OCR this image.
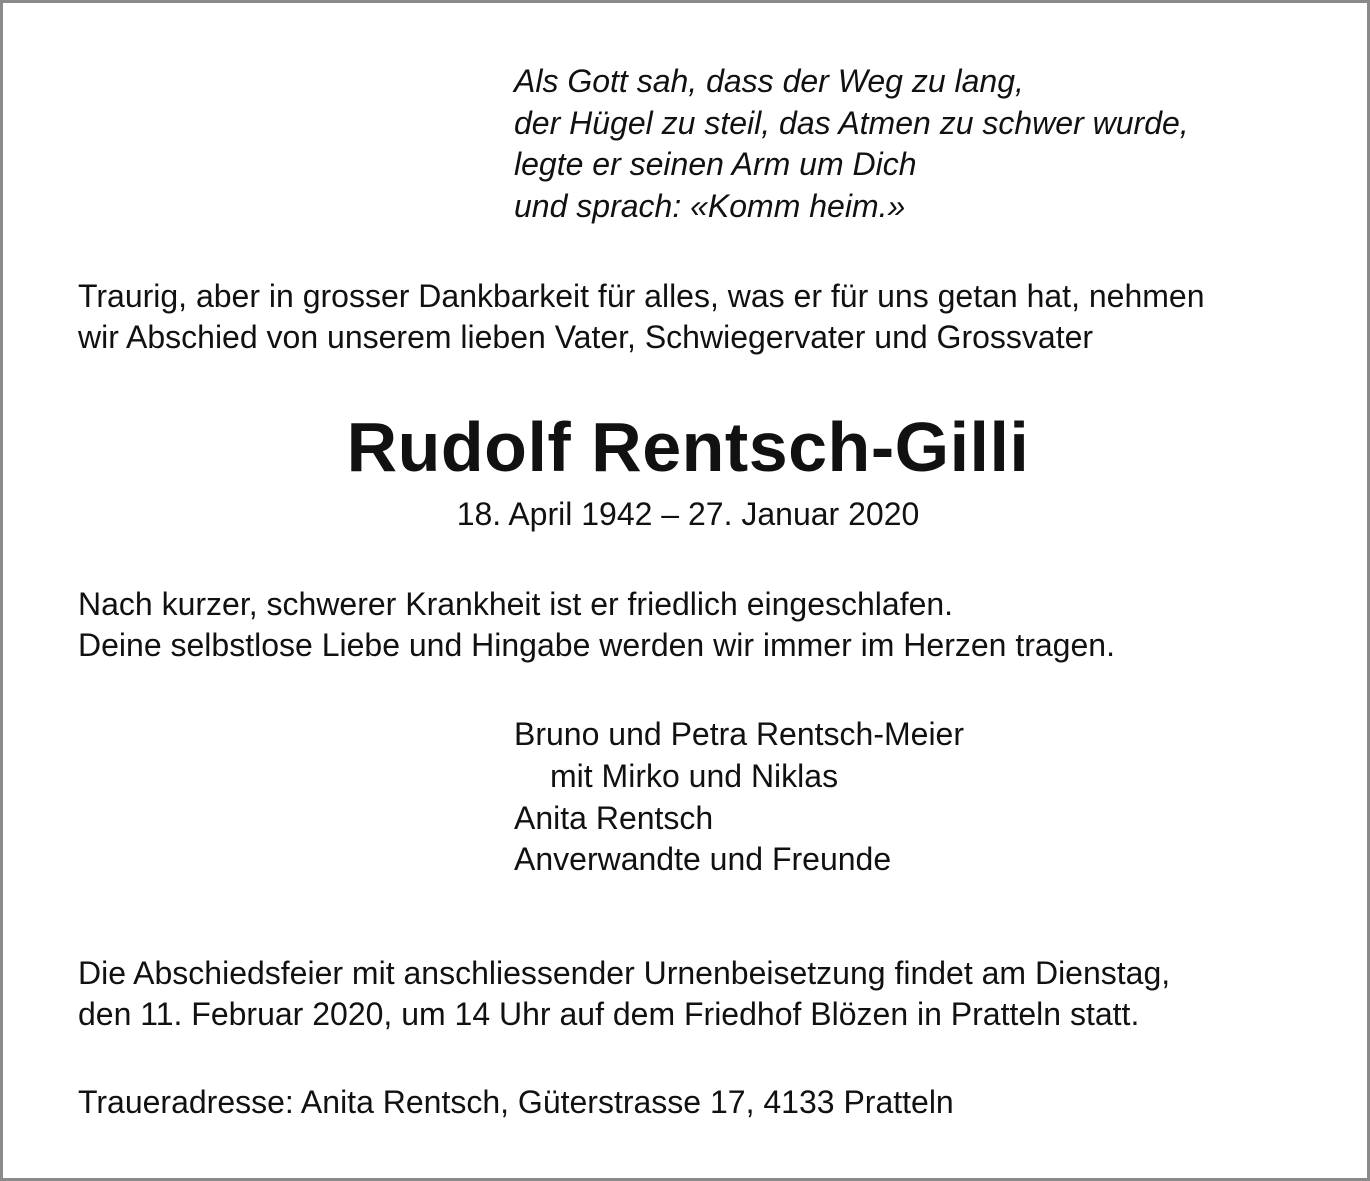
Als Gott sah, dass der Weg zu lang,
der Hügel zu steil, das Atmen zu schwer wurde,
legte er seinen Arm um Dich
und sprach: «Komm heim.»
Traurig, aber in grosser Dankbarkeit für alles, was er für uns getan hat, nehmen
wir Abschied von unserem lieben Vater, Schwiegervater und Grossvater
Rudolf Rentsch-Gilli
18. April 1942 – 27. Januar 2020
Nach kurzer, schwerer Krankheit ist er friedlich eingeschlafen.
Deine selbstlose Liebe und Hingabe werden wir immer im Herzen tragen.
Bruno und Petra Rentsch-Meier
mit Mirko und Niklas
Anita Rentsch
Anverwandte und Freunde
Die Abschiedsfeier mit anschliessender Urnenbeisetzung findet am Dienstag,
den 11. Februar 2020, um 14 Uhr auf dem Friedhof Blözen in Pratteln statt.
Traueradresse: Anita Rentsch, Güterstrasse 17, 4133 Pratteln
